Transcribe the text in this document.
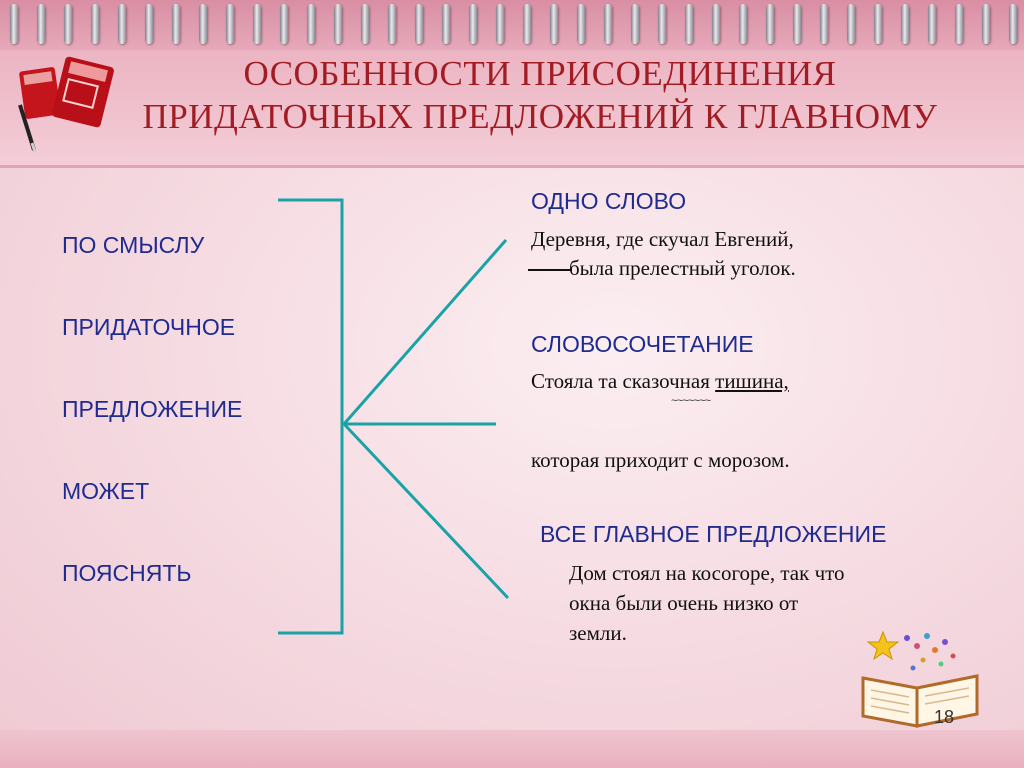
ОСОБЕННОСТИ ПРИСОЕДИНЕНИЯ
ПРИДАТОЧНЫХ ПРЕДЛОЖЕНИЙ К ГЛАВНОМУ
ПО СМЫСЛУ
ПРИДАТОЧНОЕ
ПРЕДЛОЖЕНИЕ
МОЖЕТ
ПОЯСНЯТЬ
ОДНО СЛОВО
Деревня, где скучал Евгений,
была прелестный уголок.
СЛОВОСОЧЕТАНИЕ
Стояла та сказочная тишина,
~~~~~~~
которая приходит с морозом.
ВСЕ ГЛАВНОЕ ПРЕДЛОЖЕНИЕ
Дом стоял на косогоре, так что
окна были очень низко от
земли.
18
